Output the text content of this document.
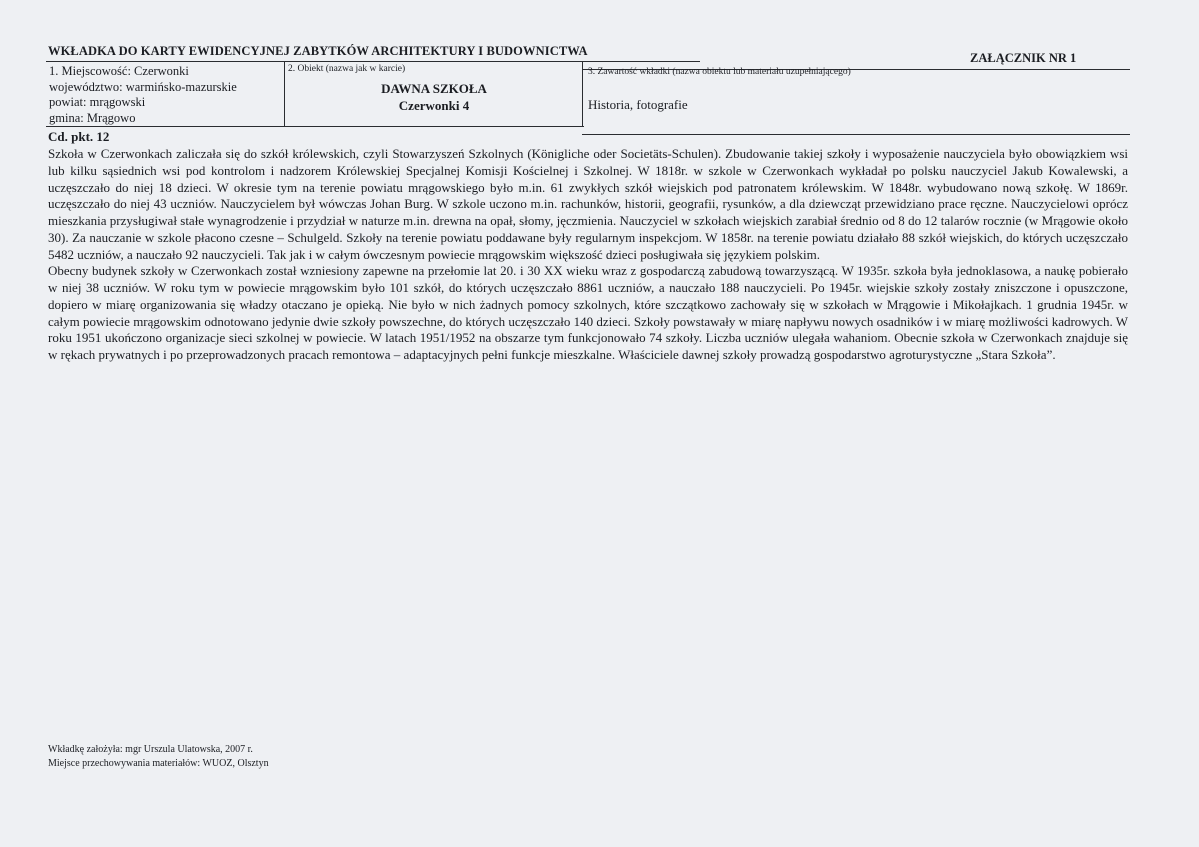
WKŁADKA DO KARTY EWIDENCYJNEJ ZABYTKÓW ARCHITEKTURY I BUDOWNICTWA	ZAŁĄCZNIK NR 1
1. Miejscowość: Czerwonki
województwo: warmińsko-mazurskie
powiat: mrągowski
gmina: Mrągowo
2. Obiekt (nazwa jak w karcie)
DAWNA SZKOŁA
Czerwonki 4
3. Zawartość wkładki (nazwa obiektu lub materiału uzupełniającego)
Historia, fotografie
Cd. pkt. 12

Szkoła w Czerwonkach zaliczała się do szkół królewskich, czyli Stowarzyszeń Szkolnych (Königliche oder Societäts-Schulen). Zbudowanie takiej szkoły i wyposażenie nauczyciela było obowiązkiem wsi lub kilku sąsiednich wsi pod kontrolom i nadzorem Królewskiej Specjalnej Komisji Kościelnej i Szkolnej. W 1818r. w szkole w Czerwonkach wykładał po polsku nauczyciel Jakub Kowalewski, a uczęszczało do niej 18 dzieci. W okresie tym na terenie powiatu mrągowskiego było m.in. 61 zwykłych szkół wiejskich pod patronatem królewskim. W 1848r. wybudowano nową szkołę. W 1869r. uczęszczało do niej 43 uczniów. Nauczycielem był wówczas Johan Burg. W szkole uczono m.in. rachunków, historii, geografii, rysunków, a dla dziewcząt przewidziano prace ręczne. Nauczycielowi oprócz mieszkania przysługiwał stałe wynagrodzenie i przydział w naturze m.in. drewna na opał, słomy, jęczmienia. Nauczyciel w szkołach wiejskich zarabiał średnio od 8 do 12 talarów rocznie (w Mrągowie około 30). Za nauczanie w szkole płacono czesne – Schulgeld. Szkoły na terenie powiatu poddawane były regularnym inspekcjom. W 1858r. na terenie powiatu działało 88 szkół wiejskich, do których uczęszczało 5482 uczniów, a nauczało 92 nauczycieli. Tak jak i w całym ówczesnym powiecie mrągowskim większość dzieci posługiwała się językiem polskim.

Obecny budynek szkoły w Czerwonkach został wzniesiony zapewne na przełomie lat 20. i 30 XX wieku wraz z gospodarczą zabudową towarzyszącą. W 1935r. szkoła była jednoklasowa, a naukę pobierało w niej 38 uczniów. W roku tym w powiecie mrągowskim było 101 szkół, do których uczęszczało 8861 uczniów, a nauczało 188 nauczycieli. Po 1945r. wiejskie szkoły zostały zniszczone i opuszczone, dopiero w miarę organizowania się władzy otaczano je opieką. Nie było w nich żadnych pomocy szkolnych, które szczątkowo zachowały się w szkołach w Mrągowie i Mikołajkach. 1 grudnia 1945r. w całym powiecie mrągowskim odnotowano jedynie dwie szkoły powszechne, do których uczęszczało 140 dzieci. Szkoły powstawały w miarę napływu nowych osadników i w miarę możliwości kadrowych. W roku 1951 ukończono organizacje sieci szkolnej w powiecie. W latach 1951/1952 na obszarze tym funkcjonowało 74 szkoły. Liczba uczniów ulegała wahaniom. Obecnie szkoła w Czerwonkach znajduje się w rękach prywatnych i po przeprowadzonych pracach remontowa – adaptacyjnych pełni funkcje mieszkalne. Właściciele dawnej szkoły prowadzą gospodarstwo agroturystyczne „Stara Szkoła”.

Wkładkę założyła: mgr Urszula Ulatowska, 2007 r.
Miejsce przechowywania materiałów: WUOZ, Olsztyn
